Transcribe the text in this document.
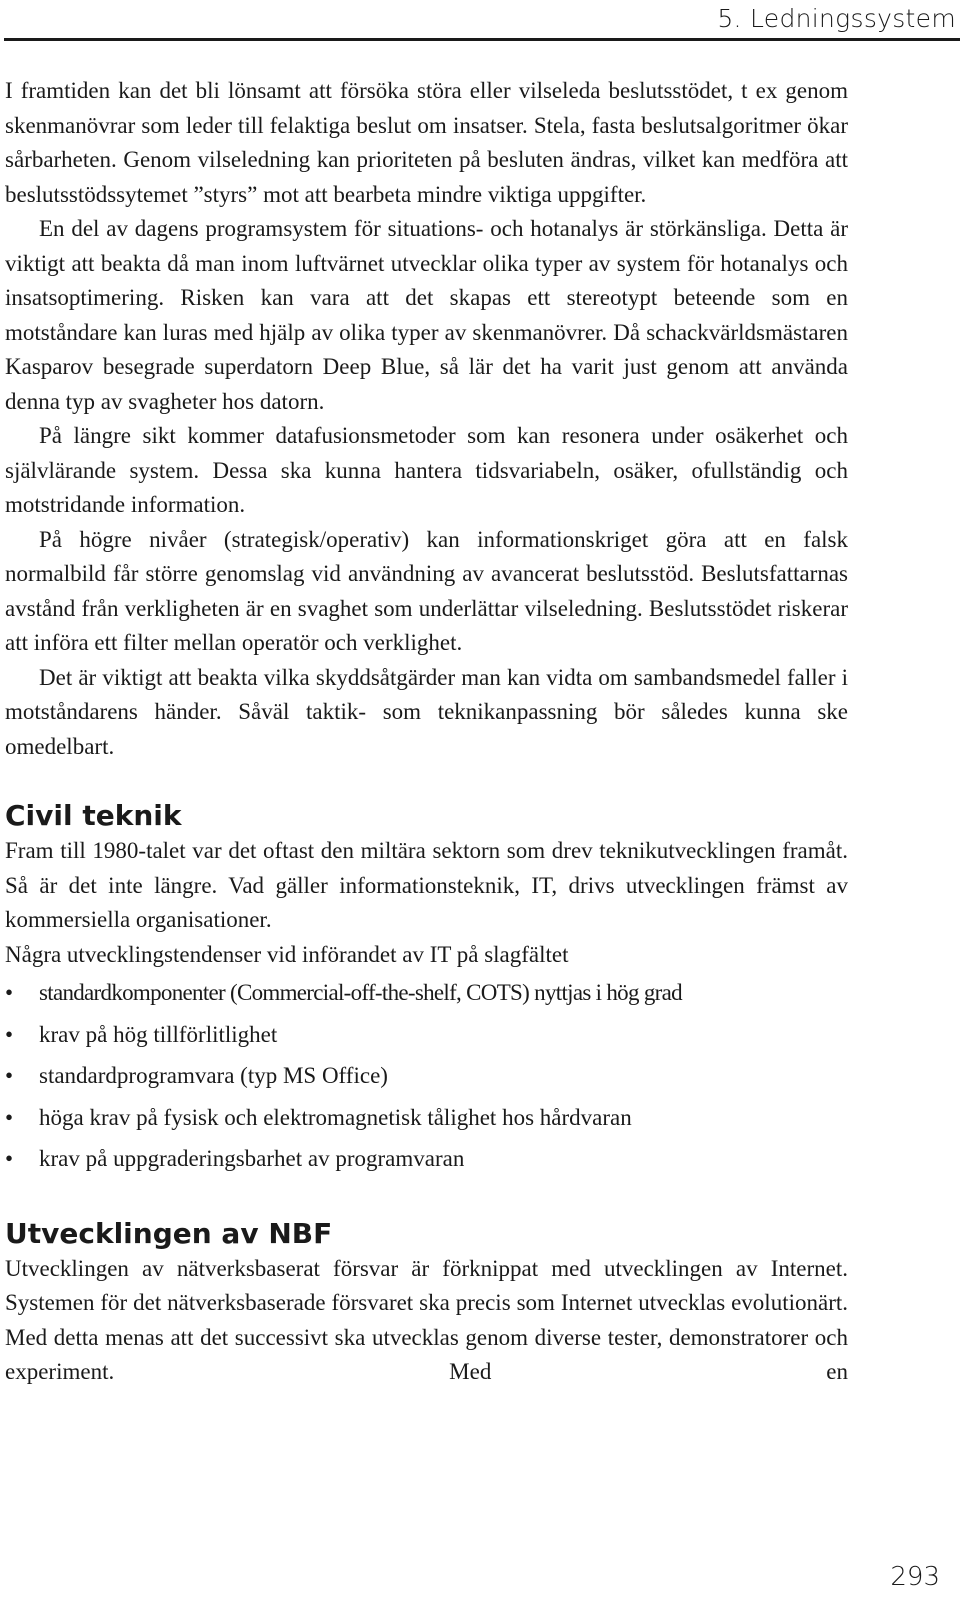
5. Ledningssystem

I framtiden kan det bli lönsamt att försöka störa eller vilseleda beslutsstödet, t ex genom skenmanövrar som leder till felaktiga beslut om insatser. Stela, fasta beslutsalgoritmer ökar sårbarheten. Genom vilseledning kan prioriteten på besluten ändras, vilket kan medföra att beslutsstödssytemet ”styrs” mot att bearbeta mindre viktiga uppgifter.

En del av dagens programsystem för situations- och hotanalys är störkänsliga. Detta är viktigt att beakta då man inom luftvärnet utvecklar olika typer av system för hotanalys och insatsoptimering. Risken kan vara att det skapas ett stereotypt beteende som en motståndare kan luras med hjälp av olika typer av skenmanövrer. Då schackvärldsmästaren Kasparov besegrade superdatorn Deep Blue, så lär det ha varit just genom att använda denna typ av svagheter hos datorn.

På längre sikt kommer datafusionsmetoder som kan resonera under osäkerhet och självlärande system. Dessa ska kunna hantera tidsvariabeln, osäker, ofullständig och motstridande information.

På högre nivåer (strategisk/operativ) kan informationskriget göra att en falsk normalbild får större genomslag vid användning av avancerat beslutsstöd. Beslutsfattarnas avstånd från verkligheten är en svaghet som underlättar vilseledning. Beslutsstödet riskerar att införa ett filter mellan operatör och verklighet.

Det är viktigt att beakta vilka skyddsåtgärder man kan vidta om sambandsmedel faller i motståndarens händer. Såväl taktik- som teknikanpassning bör således kunna ske omedelbart.

Civil teknik

Fram till 1980-talet var det oftast den miltära sektorn som drev teknikutvecklingen framåt. Så är det inte längre. Vad gäller informationsteknik, IT, drivs utvecklingen främst av kommersiella organisationer.

Några utvecklingstendenser vid införandet av IT på slagfältet

• standardkomponenter (Commercial-off-the-shelf, COTS) nyttjas i hög grad
• krav på hög tillförlitlighet
• standardprogramvara (typ MS Office)
• höga krav på fysisk och elektromagnetisk tålighet hos hårdvaran
• krav på uppgraderingsbarhet av programvaran
Utvecklingen av NBF

Utvecklingen av nätverksbaserat försvar är förknippat med utvecklingen av Internet. Systemen för det nätverksbaserade försvaret ska precis som Internet utvecklas evolutionärt. Med detta menas att det successivt ska utvecklas genom diverse tester, demonstratorer och experiment. Med en

293
